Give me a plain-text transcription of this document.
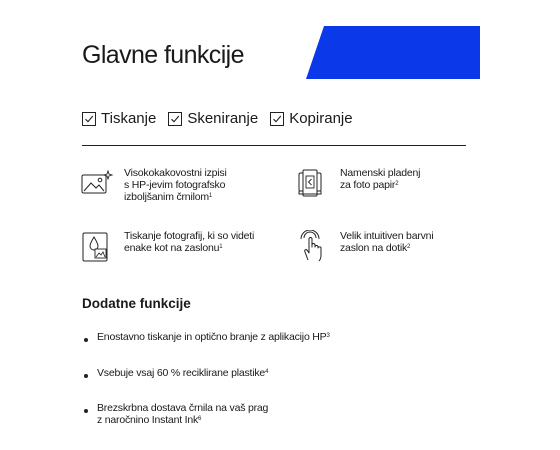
Glavne funkcije
Tiskanje Skeniranje Kopiranje
Visokokakovostni izpisi
s HP-jevim fotografsko
izboljšanim črnilom$^1$
Namenski pladenj
za foto papir$^2$
Tiskanje fotografij, ki so videti
enake kot na zaslonu$^1$
Velik intuitiven barvni
zaslon na dotik$^2$
Dodatne funkcije
Enostavno tiskanje in optično branje z aplikacijo $HP^3$
Vsebuje vsaj 60 % reciklirane plastike$^4$
Brezskrbna dostava črnila na vaš prag
z naročnino Instant Ink$^6$
